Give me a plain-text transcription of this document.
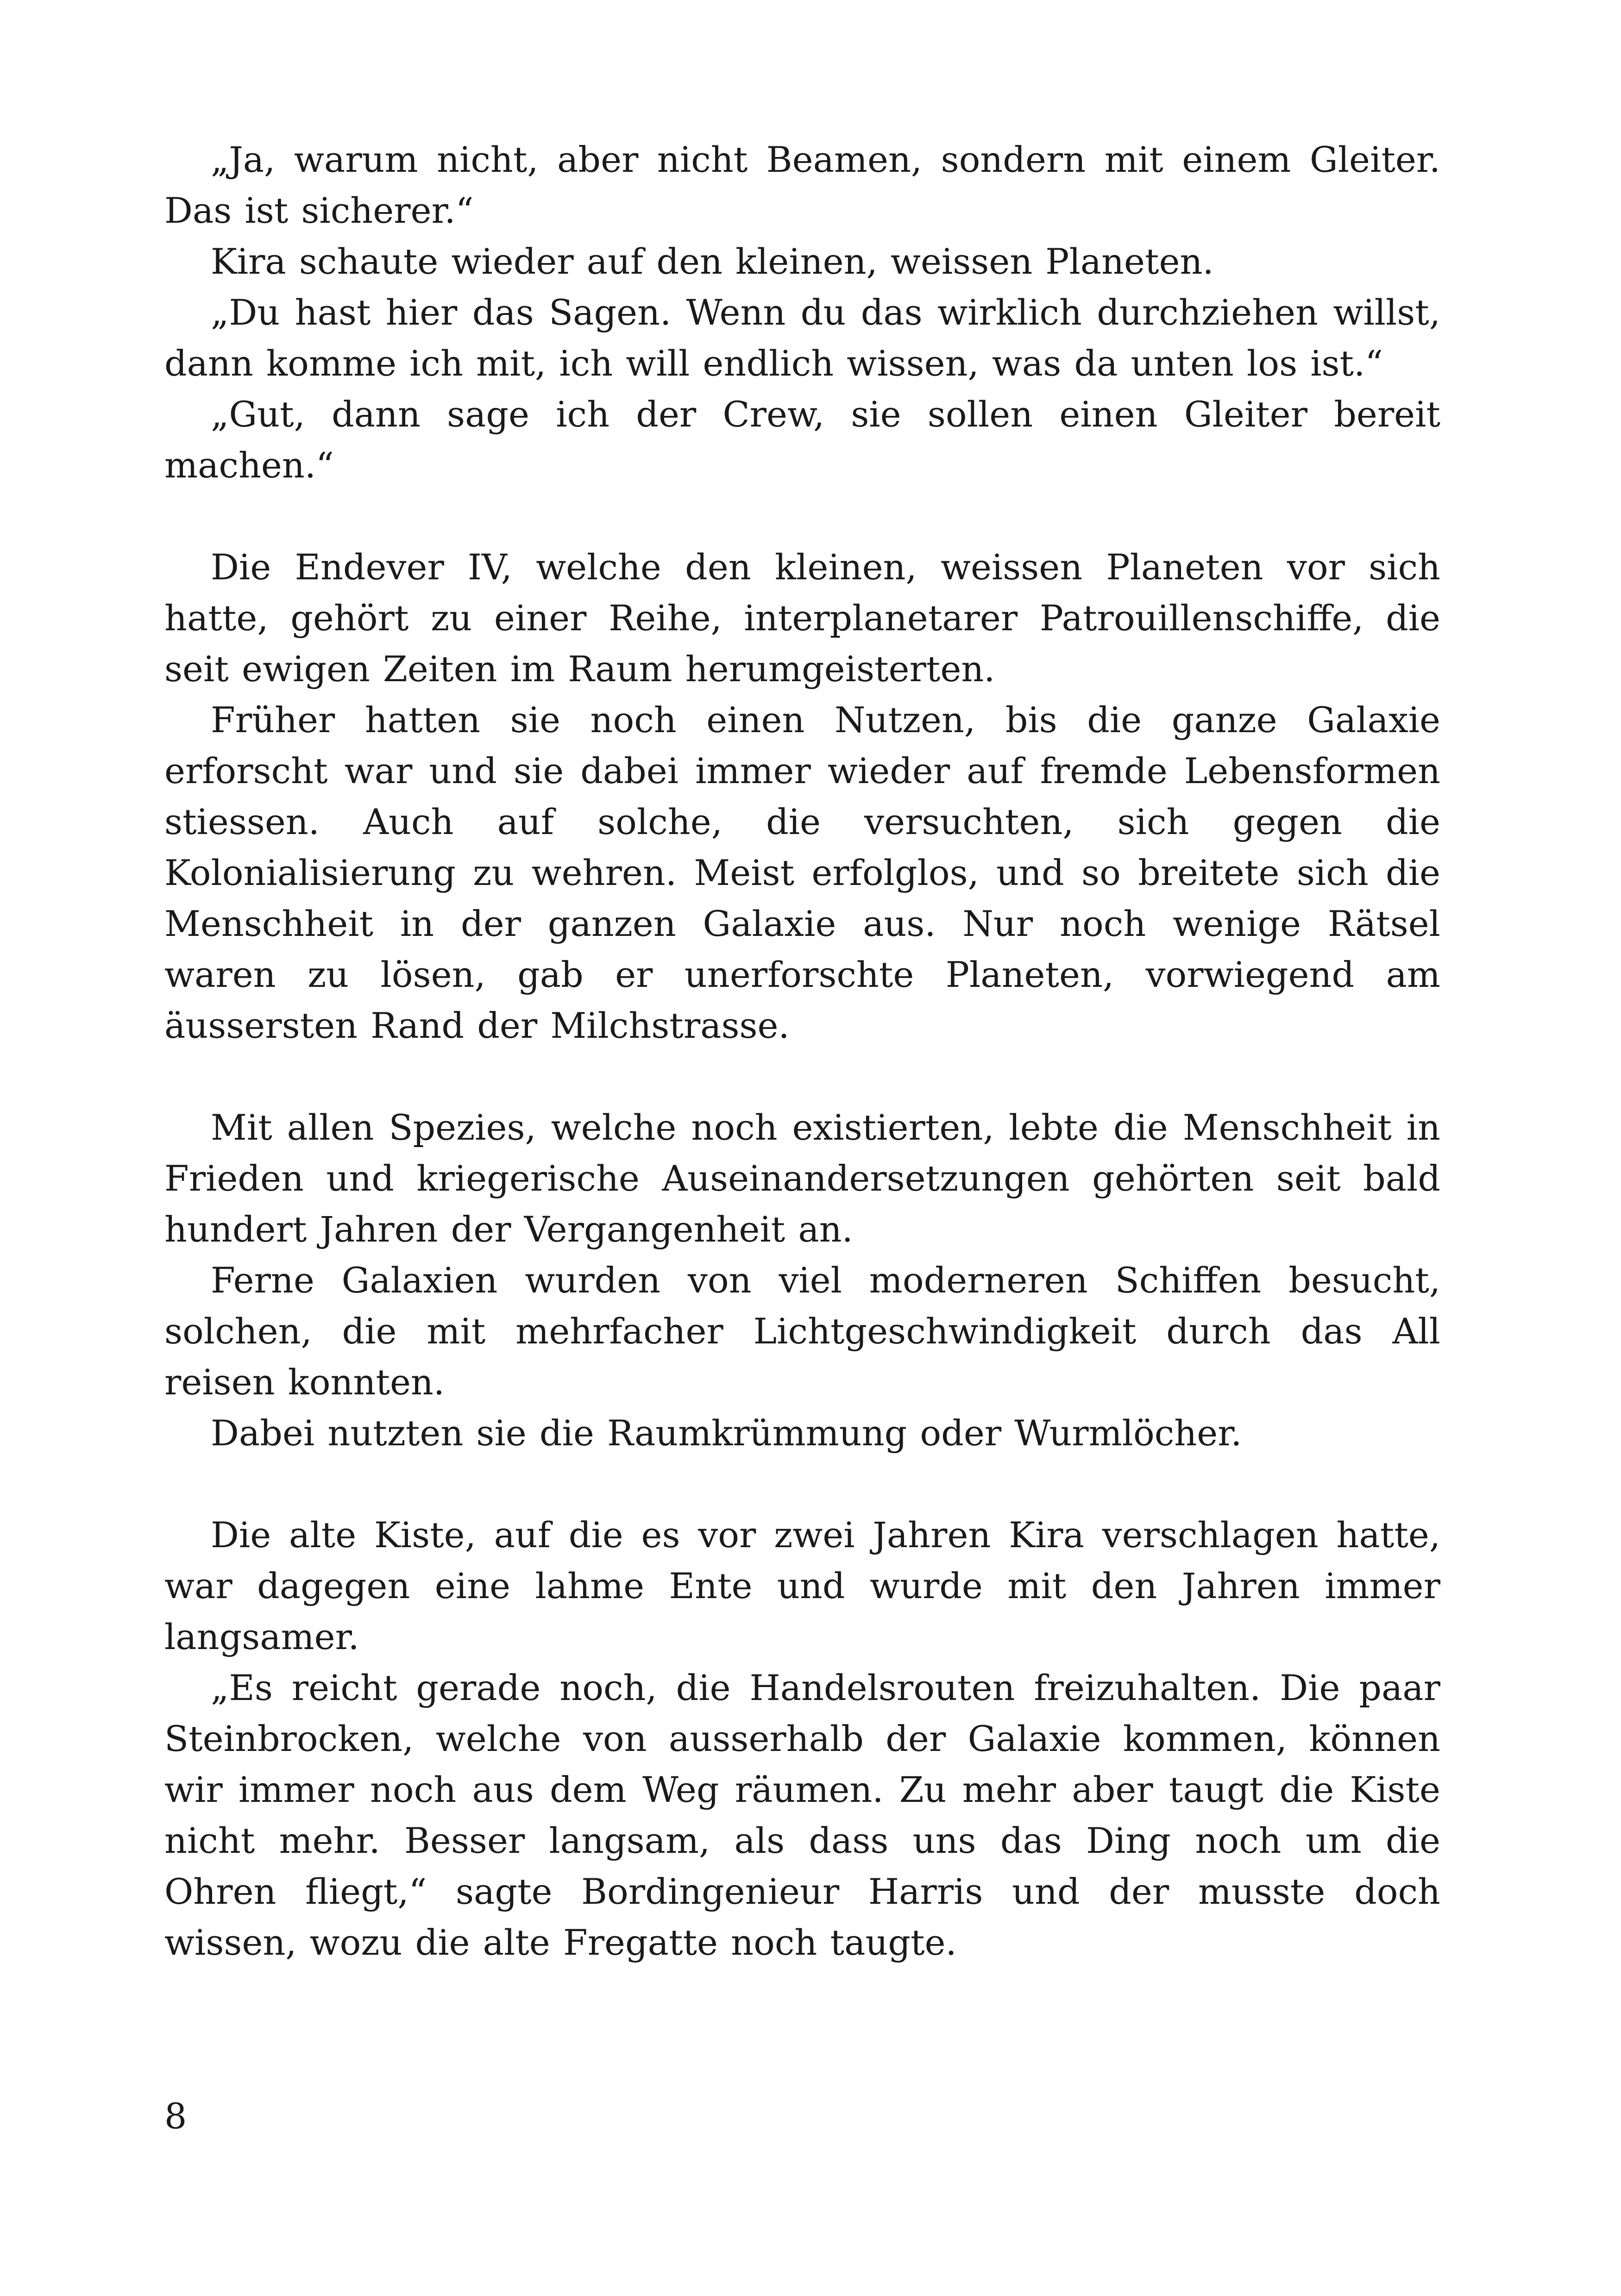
„Ja, warum nicht, aber nicht Beamen, sondern mit einem Gleiter. Das ist sicherer.“

Kira schaute wieder auf den kleinen, weissen Planeten.

„Du hast hier das Sagen. Wenn du das wirklich durchziehen willst, dann komme ich mit, ich will endlich wissen, was da unten los ist.“

„Gut, dann sage ich der Crew, sie sollen einen Gleiter bereit machen.“

Die Endever IV, welche den kleinen, weissen Planeten vor sich hatte, gehört zu einer Reihe, interplanetarer Patrouillenschiffe, die seit ewigen Zeiten im Raum herumgeisterten.

Früher hatten sie noch einen Nutzen, bis die ganze Galaxie erforscht war und sie dabei immer wieder auf fremde Lebensformen stiessen. Auch auf solche, die versuchten, sich gegen die Kolonialisierung zu wehren. Meist erfolglos, und so breitete sich die Menschheit in der ganzen Galaxie aus. Nur noch wenige Rätsel waren zu lösen, gab er unerforschte Planeten, vorwiegend am äussersten Rand der Milchstrasse.

Mit allen Spezies, welche noch existierten, lebte die Menschheit in Frieden und kriegerische Auseinandersetzungen gehörten seit bald hundert Jahren der Vergangenheit an.

Ferne Galaxien wurden von viel moderneren Schiffen besucht, solchen, die mit mehrfacher Lichtgeschwindigkeit durch das All reisen konnten.

Dabei nutzten sie die Raumkrümmung oder Wurmlöcher.

Die alte Kiste, auf die es vor zwei Jahren Kira verschlagen hatte, war dagegen eine lahme Ente und wurde mit den Jahren immer langsamer.

„Es reicht gerade noch, die Handelsrouten freizuhalten. Die paar Steinbrocken, welche von ausserhalb der Galaxie kommen, können wir immer noch aus dem Weg räumen. Zu mehr aber taugt die Kiste nicht mehr. Besser langsam, als dass uns das Ding noch um die Ohren fliegt,“ sagte Bordingenieur Harris und der musste doch wissen, wozu die alte Fregatte noch taugte.

8
